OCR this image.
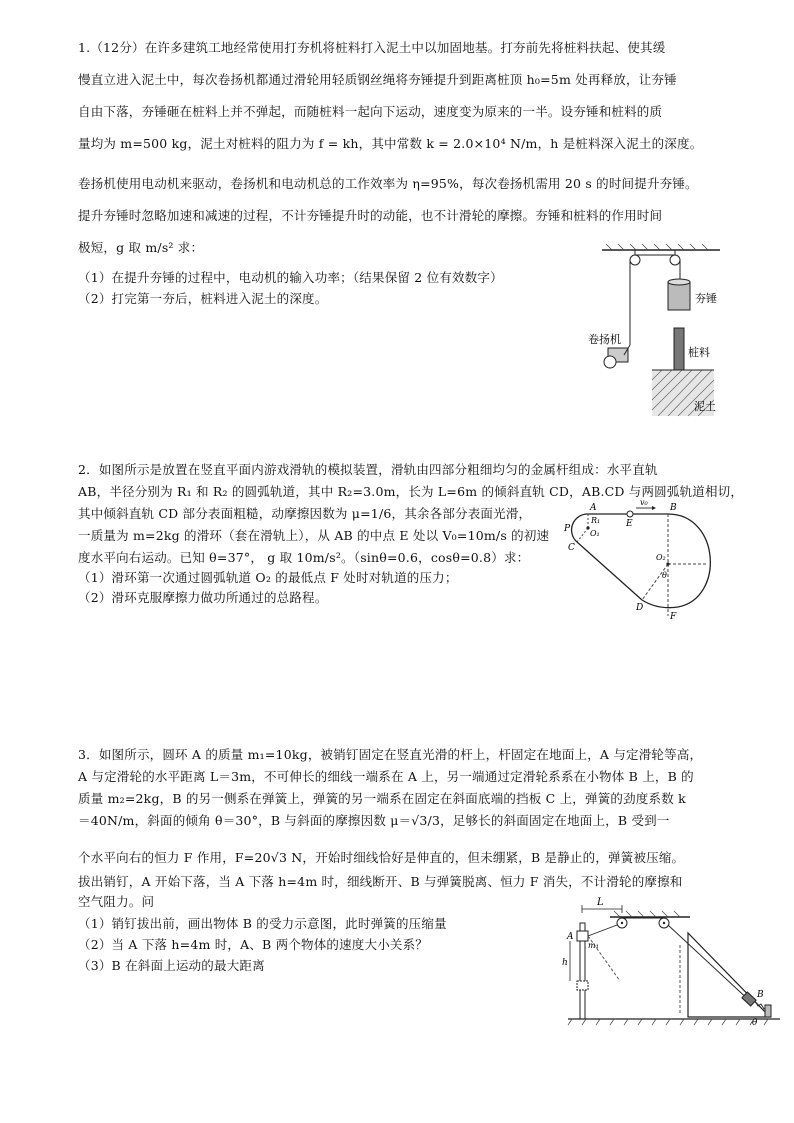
1.（12分）在许多建筑工地经常使用打夯机将桩料打入泥土中以加固地基。打夯前先将桩料扶起、使其缓
慢直立进入泥土中，每次卷扬机都通过滑轮用轻质钢丝绳将夯锤提升到距离桩顶 h₀=5m 处再释放，让夯锤
自由下落，夯锤砸在桩料上并不弹起，而随桩料一起向下运动，速度变为原来的一半。设夯锤和桩料的质
量均为 m=500 kg，泥土对桩料的阻力为 f = kh，其中常数 k = 2.0×10⁴ N/m，h 是桩料深入泥土的深度。
卷扬机使用电动机来驱动，卷扬机和电动机总的工作效率为 η=95%，每次卷扬机需用 20 s 的时间提升夯锤。
提升夯锤时忽略加速和减速的过程，不计夯锤提升时的动能，也不计滑轮的摩擦。夯锤和桩料的作用时间
极短，g 取 m/s² 求：
（1）在提升夯锤的过程中，电动机的输入功率；（结果保留 2 位有效数字）
（2）打完第一夯后，桩料进入泥土的深度。	夯锤
卷扬机
桩料
泥土
2．如图所示是放置在竖直平面内游戏滑轨的模拟装置，滑轨由四部分粗细均匀的金属杆组成：水平直轨
AB，半径分别为 R₁ 和 R₂ 的圆弧轨道，其中 R₂=3.0m，长为 L=6m 的倾斜直轨 CD，AB.CD 与两圆弧轨道相切，
其中倾斜直轨 CD 部分表面粗糙，动摩擦因数为 μ=1/6，其余各部分表面光滑，
一质量为 m=2kg 的滑环（套在滑轨上），从 AB 的中点 E 处以 V₀=10m/s 的初速
度水平向右运动。已知 θ=37°， g 取 10m/s²。（sinθ=0.6，cosθ=0.8）求：
（1）滑环第一次通过圆弧轨道 O₂ 的最低点 F 处时对轨道的压力；
（2）滑环克服摩擦力做功所通过的总路程。
A	B
C
D
E
F
P O₁
O₂
R₁
θ
v₀
3．如图所示，圆环 A 的质量 m₁=10kg，被销钉固定在竖直光滑的杆上，杆固定在地面上，A 与定滑轮等高，
A 与定滑轮的水平距离 L＝3m，不可伸长的细线一端系在 A 上，另一端通过定滑轮系系在小物体 B 上，B 的
质量 m₂=2kg，B 的另一侧系在弹簧上，弹簧的另一端系在固定在斜面底端的挡板 C 上，弹簧的劲度系数 k
＝40N/m，斜面的倾角 θ＝30°，B 与斜面的摩擦因数 μ＝√3/3，足够长的斜面固定在地面上，B 受到一
个水平向右的恒力 F 作用，F=20√3 N，开始时细线恰好是伸直的，但未绷紧，B 是静止的，弹簧被压缩。
拔出销钉，A 开始下落，当 A 下落 h=4m 时，细线断开、B 与弹簧脱离、恒力 F 消失，不计滑轮的摩擦和
空气阻力。问
（1）销钉拔出前，画出物体 B 的受力示意图，此时弹簧的压缩量
（2）当 A 下落 h=4m 时，A、B 两个物体的速度大小关系？
（3）B 在斜面上运动的最大距离
L
A
m₁
h
B
θ
